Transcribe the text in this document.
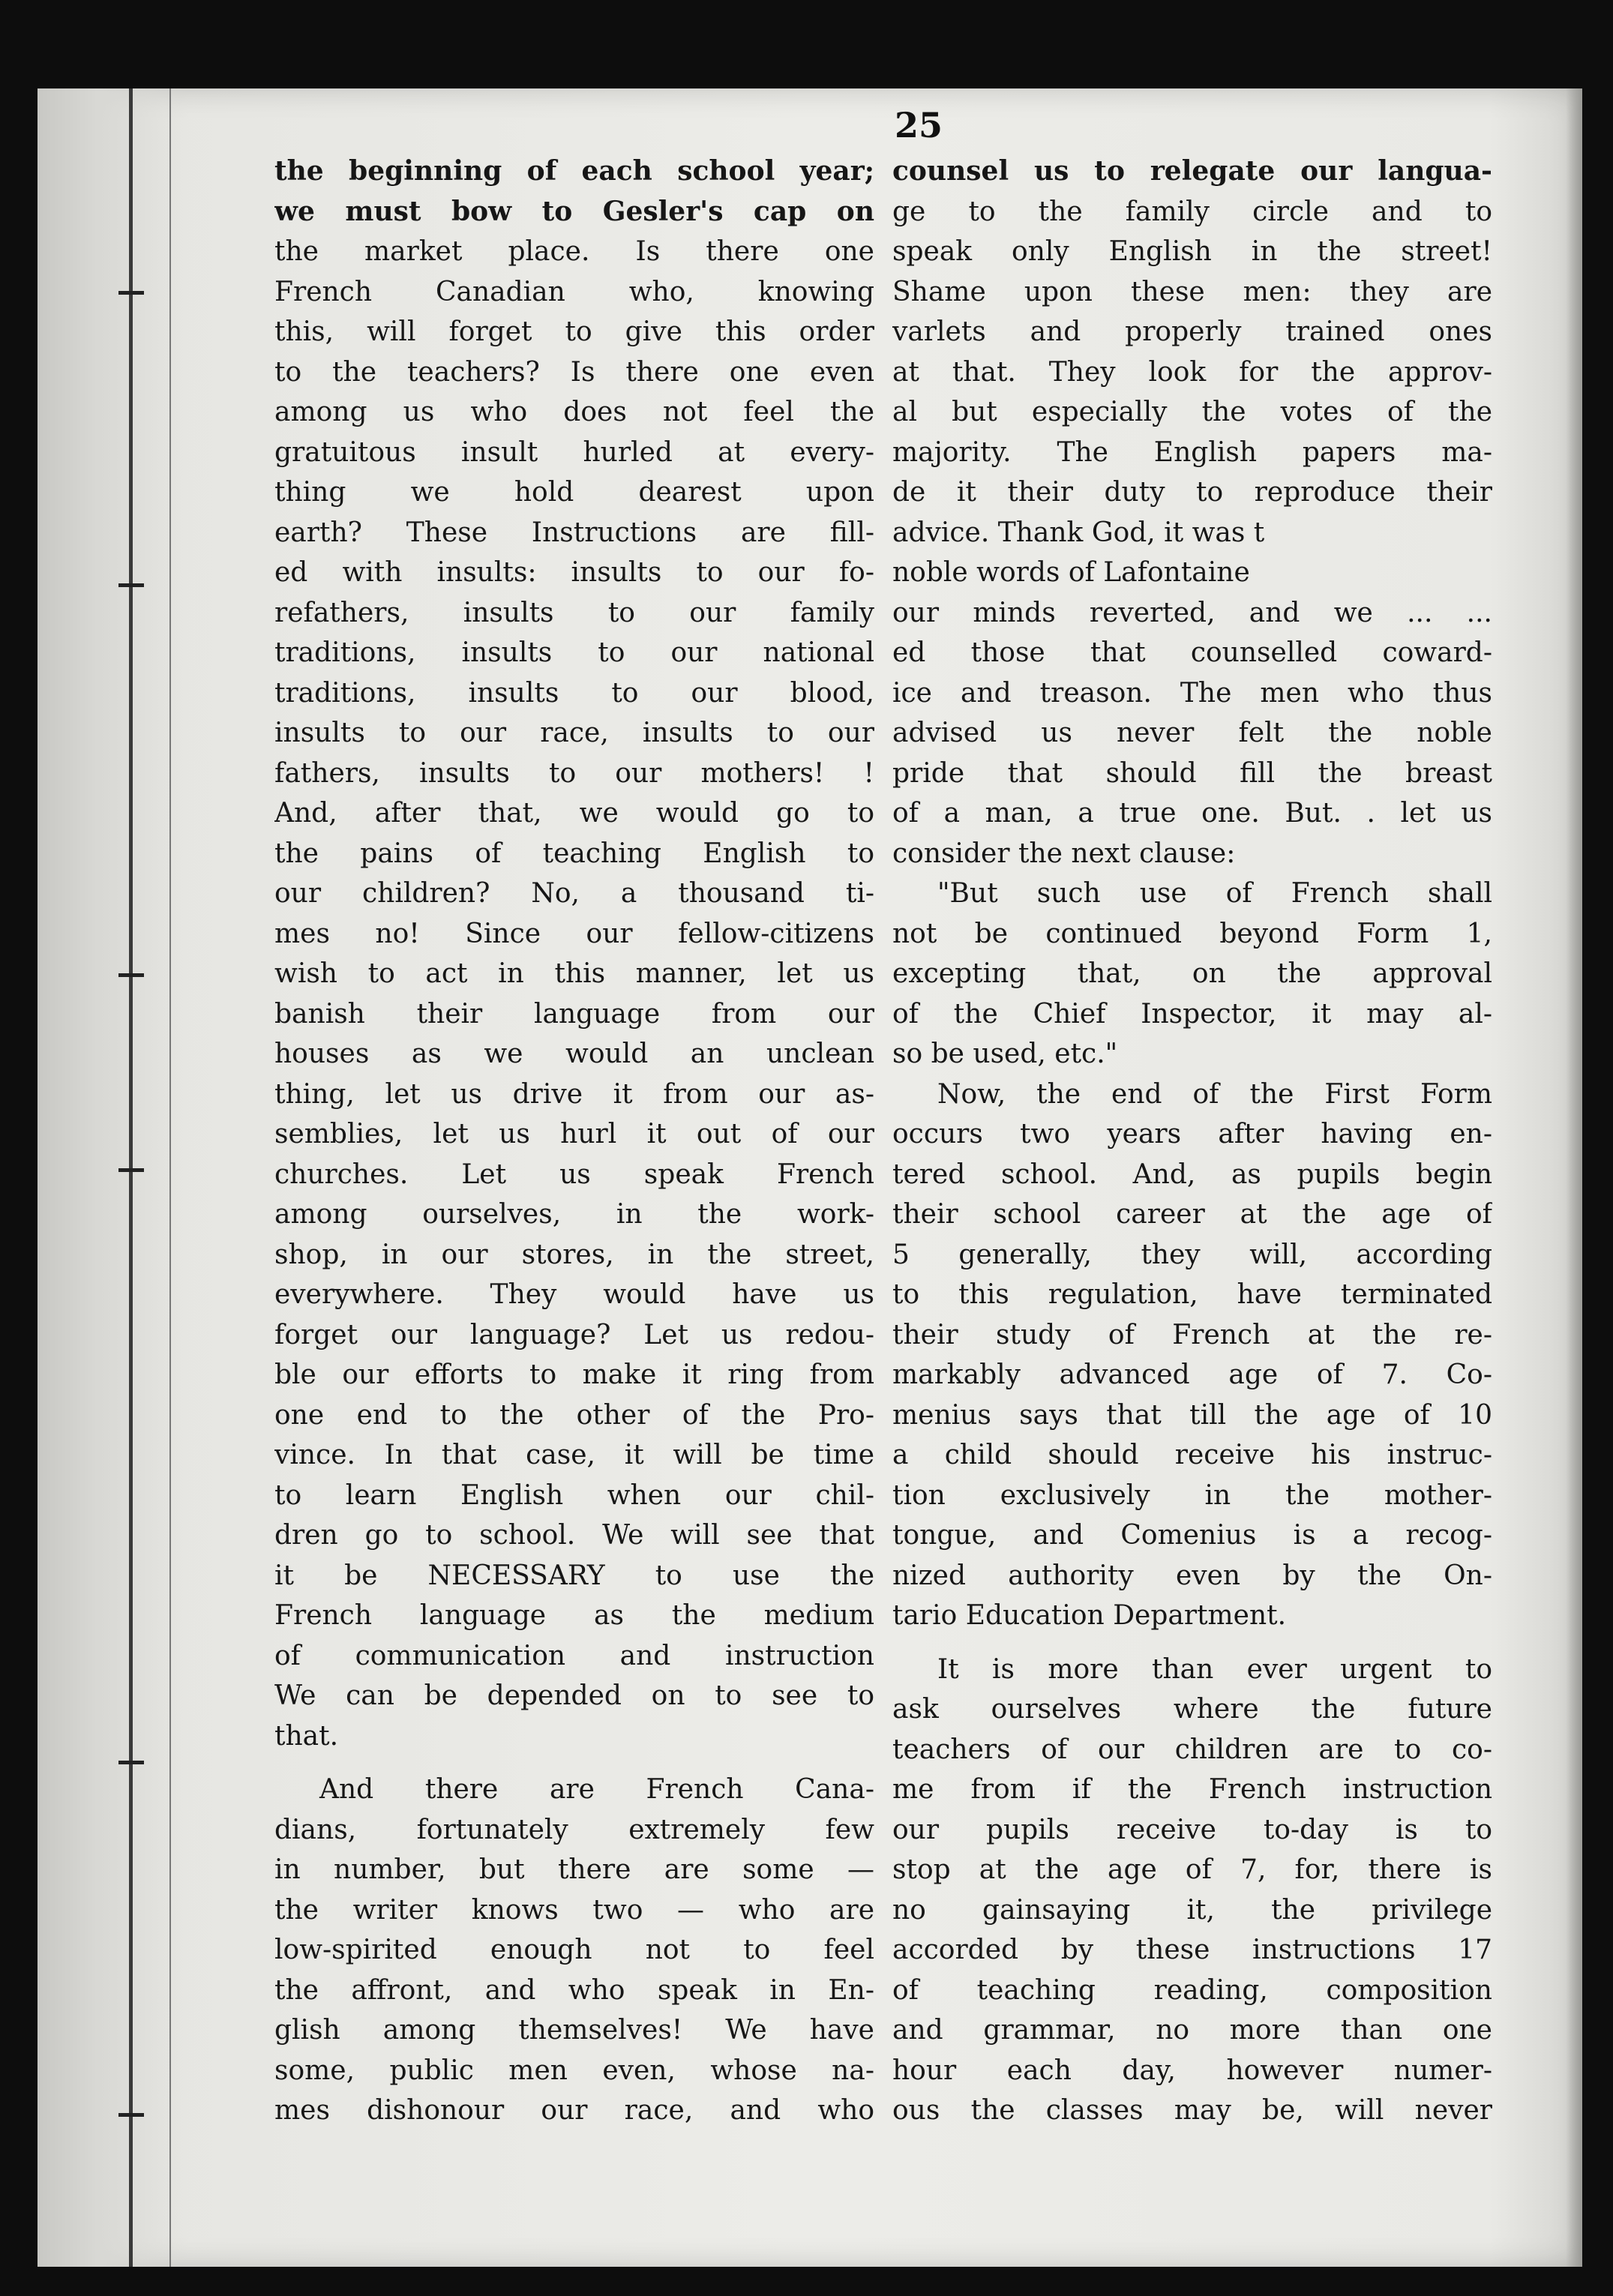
25
the beginning of each school year;
we must bow to Gesler's cap on
the market place. Is there one
French Canadian who, knowing
this, will forget to give this order
to the teachers? Is there one even
among us who does not feel the
gratuitous insult hurled at every-
thing we hold dearest upon
earth? These Instructions are fill-
ed with insults: insults to our fo-
refathers, insults to our family
traditions, insults to our national
traditions, insults to our blood,
insults to our race, insults to our
fathers, insults to our mothers! !
And, after that, we would go to
the pains of teaching English to
our children? No, a thousand ti-
mes no! Since our fellow-citizens
wish to act in this manner, let us
banish their language from our
houses as we would an unclean
thing, let us drive it from our as-
semblies, let us hurl it out of our
churches. Let us speak French
among ourselves, in the work-
shop, in our stores, in the street,
everywhere. They would have us
forget our language? Let us redou-
ble our efforts to make it ring from
one end to the other of the Pro-
vince. In that case, it will be time
to learn English when our chil-
dren go to school. We will see that
it be NECESSARY to use the
French language as the medium
of communication and instruction
We can be depended on to see to
that.
And there are French Cana-
dians, fortunately extremely few
in number, but there are some —
the writer knows two — who are
low-spirited enough not to feel
the affront, and who speak in En-
glish among themselves! We have
some, public men even, whose na-
mes dishonour our race, and who
counsel us to relegate our langua-
ge to the family circle and to
speak only English in the street!
Shame upon these men: they are
varlets and properly trained ones
at that. They look for the approv-
al but especially the votes of the
majority. The English papers ma-
de it their duty to reproduce their
advice. Thank God, it was t
noble words of Lafontaine
our minds reverted, and we ... ...
ed those that counselled coward-
ice and treason. The men who thus
advised us never felt the noble
pride that should fill the breast
of a man, a true one. But. . let us
consider the next clause:
"But such use of French shall
not be continued beyond Form 1,
excepting that, on the approval
of the Chief Inspector, it may al-
so be used, etc."
Now, the end of the First Form
occurs two years after having en-
tered school. And, as pupils begin
their school career at the age of
5 generally, they will, according
to this regulation, have terminated
their study of French at the re-
markably advanced age of 7. Co-
menius says that till the age of 10
a child should receive his instruc-
tion exclusively in the mother-
tongue, and Comenius is a recog-
nized authority even by the On-
tario Education Department.
It is more than ever urgent to
ask ourselves where the future
teachers of our children are to co-
me from if the French instruction
our pupils receive to-day is to
stop at the age of 7, for, there is
no gainsaying it, the privilege
accorded by these instructions 17
of teaching reading, composition
and grammar, no more than one
hour each day, however numer-
ous the classes may be, will never
